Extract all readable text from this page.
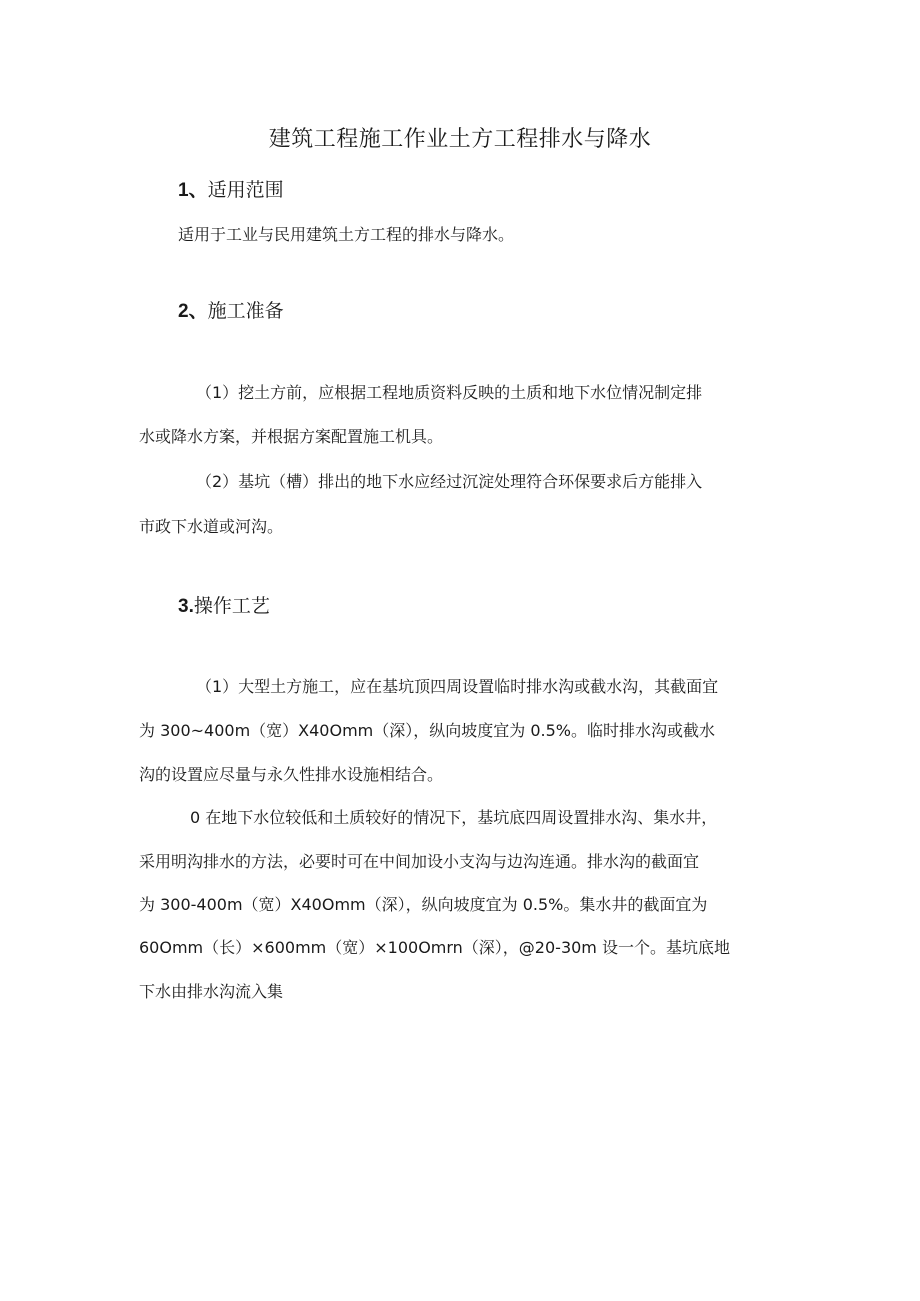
建筑工程施工作业土方工程排水与降水
1、适用范围
适用于工业与民用建筑土方工程的排水与降水。
2、施工准备
（1）挖土方前，应根据工程地质资料反映的土质和地下水位情况制定排
水或降水方案，并根据方案配置施工机具。
（2）基坑（槽）排出的地下水应经过沉淀处理符合环保要求后方能排入
市政下水道或河沟。
3.操作工艺
（1）大型土方施工，应在基坑顶四周设置临时排水沟或截水沟，其截面宜
为 300~400m（宽）X40Omm（深），纵向坡度宜为 0.5%。临时排水沟或截水
沟的设置应尽量与永久性排水设施相结合。
0 在地下水位较低和土质较好的情况下，基坑底四周设置排水沟、集水井，
采用明沟排水的方法，必要时可在中间加设小支沟与边沟连通。排水沟的截面宜
为 300-400m（宽）X40Omm（深），纵向坡度宜为 0.5%。集水井的截面宜为
60Omm（长）×600mm（宽）×100Omrn（深），@20-30m 设一个。基坑底地
下水由排水沟流入集
